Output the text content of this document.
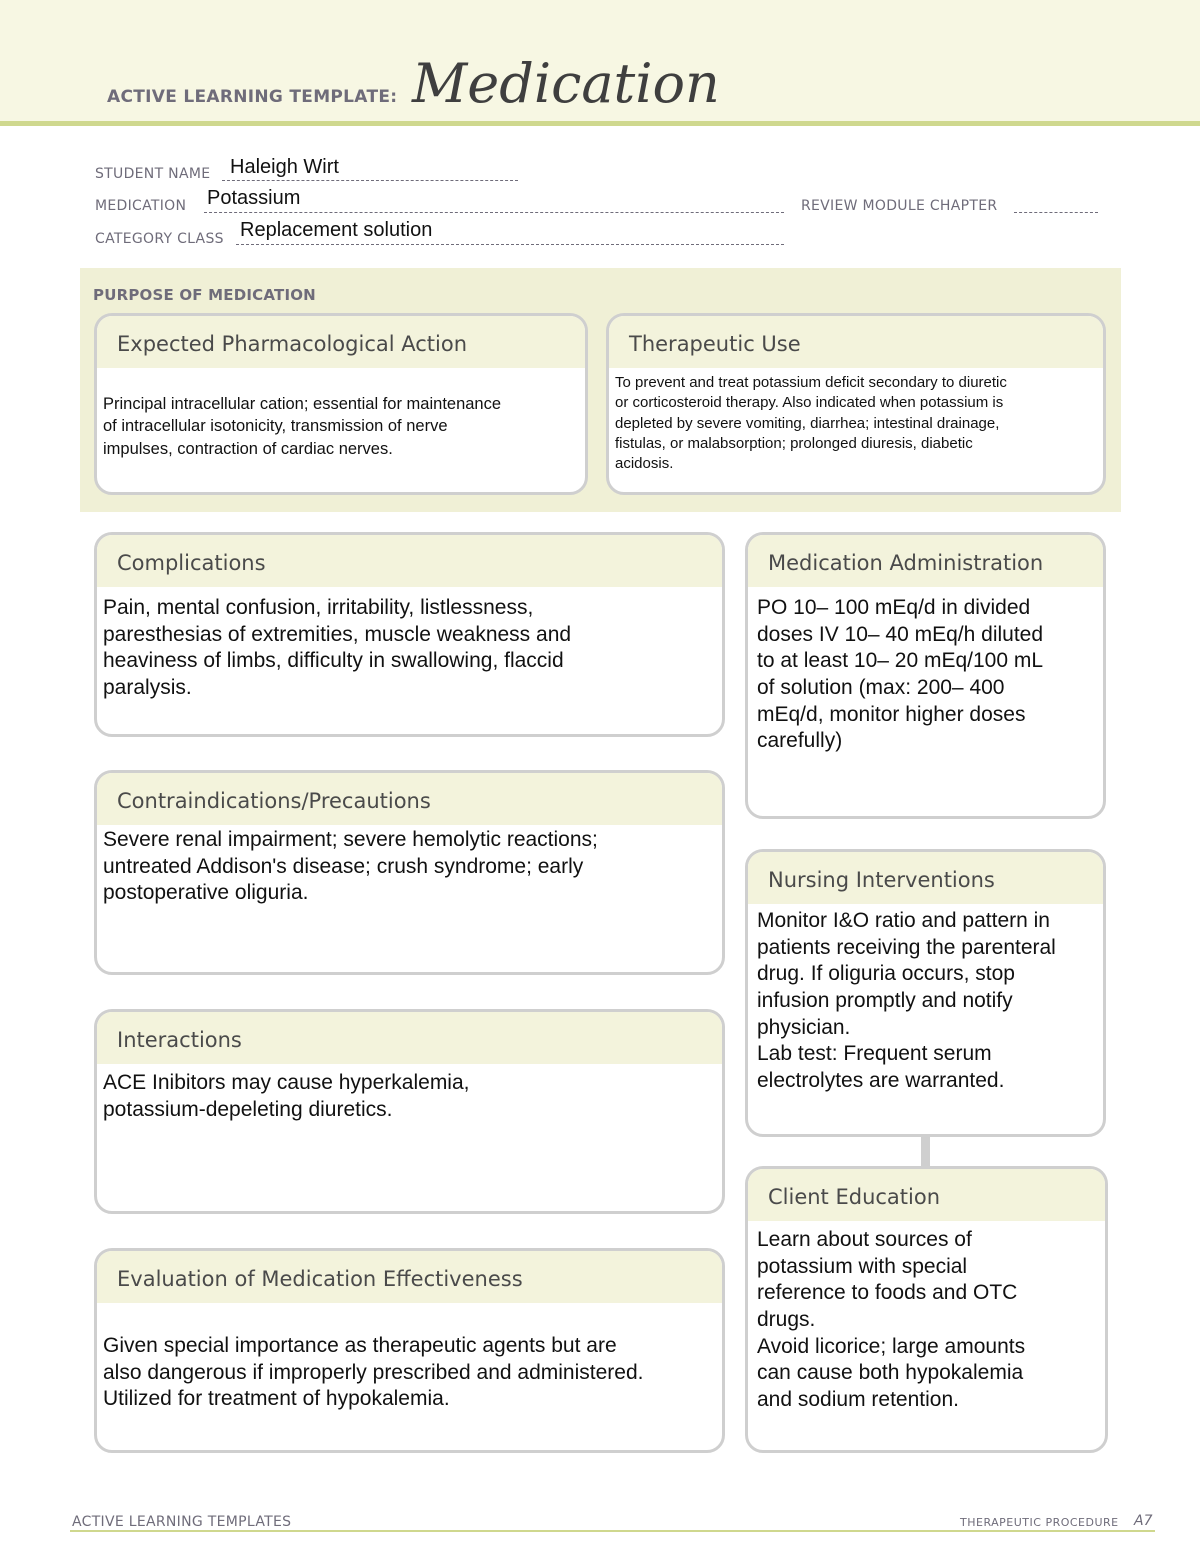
ACTIVE LEARNING TEMPLATE: Medication
STUDENT NAME Haleigh Wirt
MEDICATION Potassium	REVIEW MODULE CHAPTER
CATEGORY CLASS Replacement solution
PURPOSE OF MEDICATION
Expected Pharmacological Action
Principal intracellular cation; essential for maintenance
of intracellular isotonicity, transmission of nerve
impulses, contraction of cardiac nerves.
Therapeutic Use
To prevent and treat potassium deficit secondary to diuretic
or corticosteroid therapy. Also indicated when potassium is
depleted by severe vomiting, diarrhea; intestinal drainage,
fistulas, or malabsorption; prolonged diuresis, diabetic
acidosis.
Complications
Pain, mental confusion, irritability, listlessness,
paresthesias of extremities, muscle weakness and
heaviness of limbs, difficulty in swallowing, flaccid
paralysis.
Contraindications/Precautions
Severe renal impairment; severe hemolytic reactions;
untreated Addison's disease; crush syndrome; early
postoperative oliguria.
Interactions
ACE Inibitors may cause hyperkalemia,
potassium-depeleting diuretics.
Evaluation of Medication Effectiveness
Given special importance as therapeutic agents but are
also dangerous if improperly prescribed and administered.
Utilized for treatment of hypokalemia.
Medication Administration
PO 10– 100 mEq/d in divided
doses IV 10– 40 mEq/h diluted
to at least 10– 20 mEq/100 mL
of solution (max: 200– 400
mEq/d, monitor higher doses
carefully)
Nursing Interventions
Monitor I&O ratio and pattern in
patients receiving the parenteral
drug. If oliguria occurs, stop
infusion promptly and notify
physician.
Lab test: Frequent serum
electrolytes are warranted.
Client Education
Learn about sources of
potassium with special
reference to foods and OTC
drugs.
Avoid licorice; large amounts
can cause both hypokalemia
and sodium retention.
ACTIVE LEARNING TEMPLATES	THERAPEUTIC PROCEDURE A7
